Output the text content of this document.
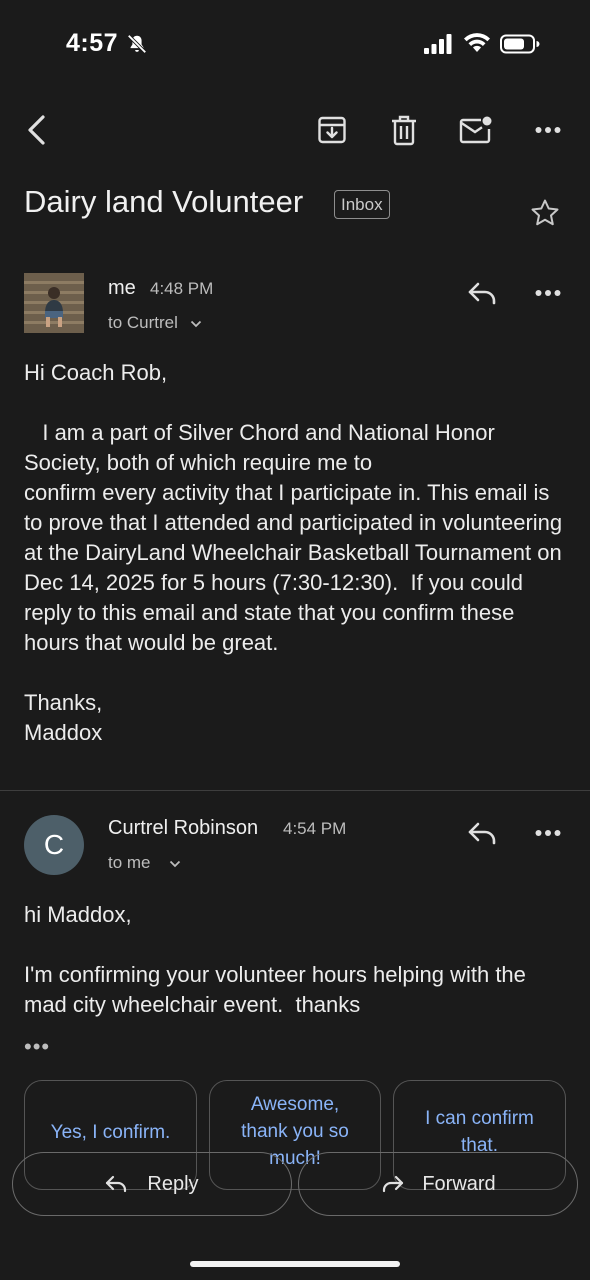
4:57
Dairy land Volunteer	Inbox
me 4:48 PM
to Curtrel
Hi Coach Rob,

I am a part of Silver Chord and National Honor Society, both of which require me to
confirm every activity that I participate in. This email is to prove that I attended and participated in volunteering at the DairyLand Wheelchair Basketball Tournament on Dec 14, 2025 for 5 hours (7:30-12:30).  If you could reply to this email and state that you confirm these hours that would be great.

Thanks,
Maddox
C
Curtrel Robinson 4:54 PM
to me
hi Maddox,

I'm confirming your volunteer hours helping with the mad city wheelchair event.  thanks
•••
Yes, I confirm.
Awesome, thank you so much!
I can confirm that.
Reply	Forward
